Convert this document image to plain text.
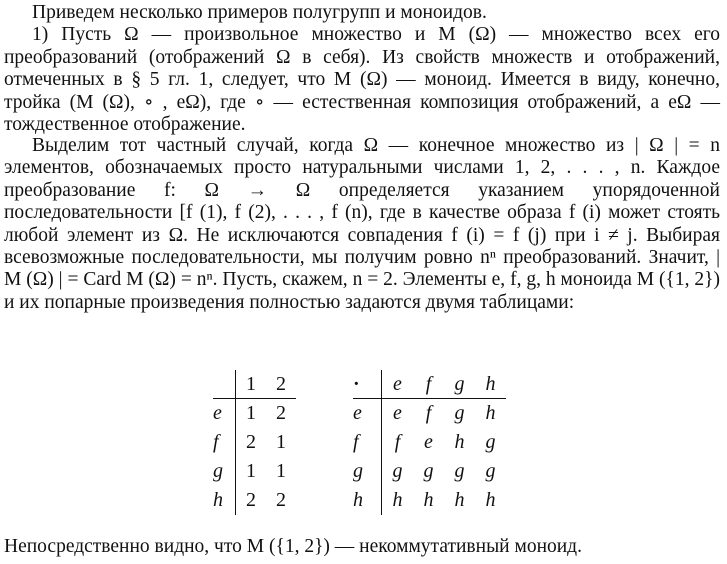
Приведем несколько примеров полугрупп и моноидов.

1) Пусть Ω — произвольное множество и M (Ω) — множество всех его преобразований (отображений Ω в себя). Из свойств множеств и отображений, отмеченных в § 5 гл. 1, следует, что M (Ω) — моноид. Имеется в виду, конечно, тройка (M (Ω), ∘ , eΩ), где ∘ — естественная композиция отображений, а eΩ — тождественное отображение.

Выделим тот частный случай, когда Ω — конечное множество из | Ω | = n элементов, обозначаемых просто натуральными числами 1, 2, . . . , n. Каждое преобразование f: Ω → Ω определяется указанием упорядоченной последовательности [f (1), f (2), . . . , f (n), где в качестве образа f (i) может стоять любой элемент из Ω. Не исключаются совпадения f (i) = f (j) при i ≠ j. Выбирая всевозможные последовательности, мы получим ровно nⁿ преобразований. Значит, | M (Ω) | = Card M (Ω) = nⁿ. Пусть, скажем, n = 2. Элементы e, f, g, h моноида M ({1, 2}) и их попарные произведения полностью задаются двумя таблицами:

	1	2
e	1	2
f	2	1
g	1	1
h	2	2
·	e	f	g	h
e	e	f	g	h
f	f	e	h	g
g	g	g	g	g
h	h	h	h	h

Непосредственно видно, что M ({1, 2}) — некоммутативный моноид.
